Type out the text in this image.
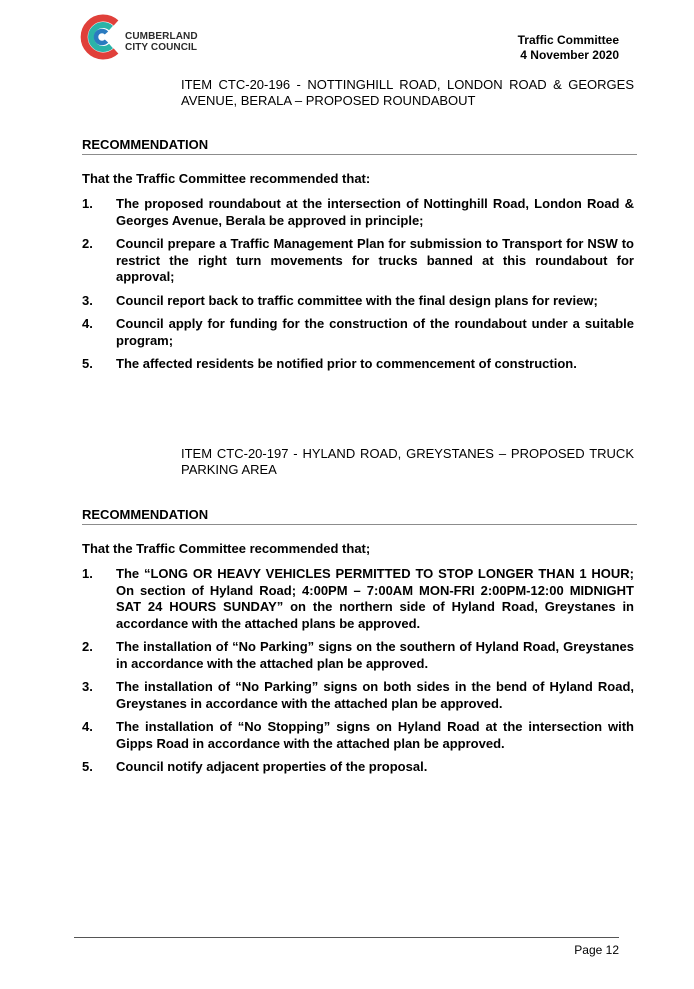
CUMBERLAND
CITY COUNCIL
Traffic Committee
4 November 2020
ITEM CTC-20-196 - NOTTINGHILL ROAD, LONDON ROAD & GEORGES AVENUE, BERALA – PROPOSED ROUNDABOUT
RECOMMENDATION
That the Traffic Committee recommended that:
1. The proposed roundabout at the intersection of Nottinghill Road, London Road & Georges Avenue, Berala be approved in principle;
2. Council prepare a Traffic Management Plan for submission to Transport for NSW to restrict the right turn movements for trucks banned at this roundabout for approval;
3. Council report back to traffic committee with the final design plans for review;
4. Council apply for funding for the construction of the roundabout under a suitable program;
5. The affected residents be notified prior to commencement of construction.
ITEM CTC-20-197 - HYLAND ROAD, GREYSTANES – PROPOSED TRUCK PARKING AREA
RECOMMENDATION
That the Traffic Committee recommended that;
1. The “LONG OR HEAVY VEHICLES PERMITTED TO STOP LONGER THAN 1 HOUR; On section of Hyland Road; 4:00PM – 7:00AM MON-FRI 2:00PM-12:00 MIDNIGHT SAT 24 HOURS SUNDAY” on the northern side of Hyland Road, Greystanes in accordance with the attached plans be approved.
2. The installation of “No Parking” signs on the southern of Hyland Road, Greystanes in accordance with the attached plan be approved.
3. The installation of “No Parking” signs on both sides in the bend of Hyland Road, Greystanes in accordance with the attached plan be approved.
4. The installation of “No Stopping” signs on Hyland Road at the intersection with Gipps Road in accordance with the attached plan be approved.
5. Council notify adjacent properties of the proposal.
Page 12
